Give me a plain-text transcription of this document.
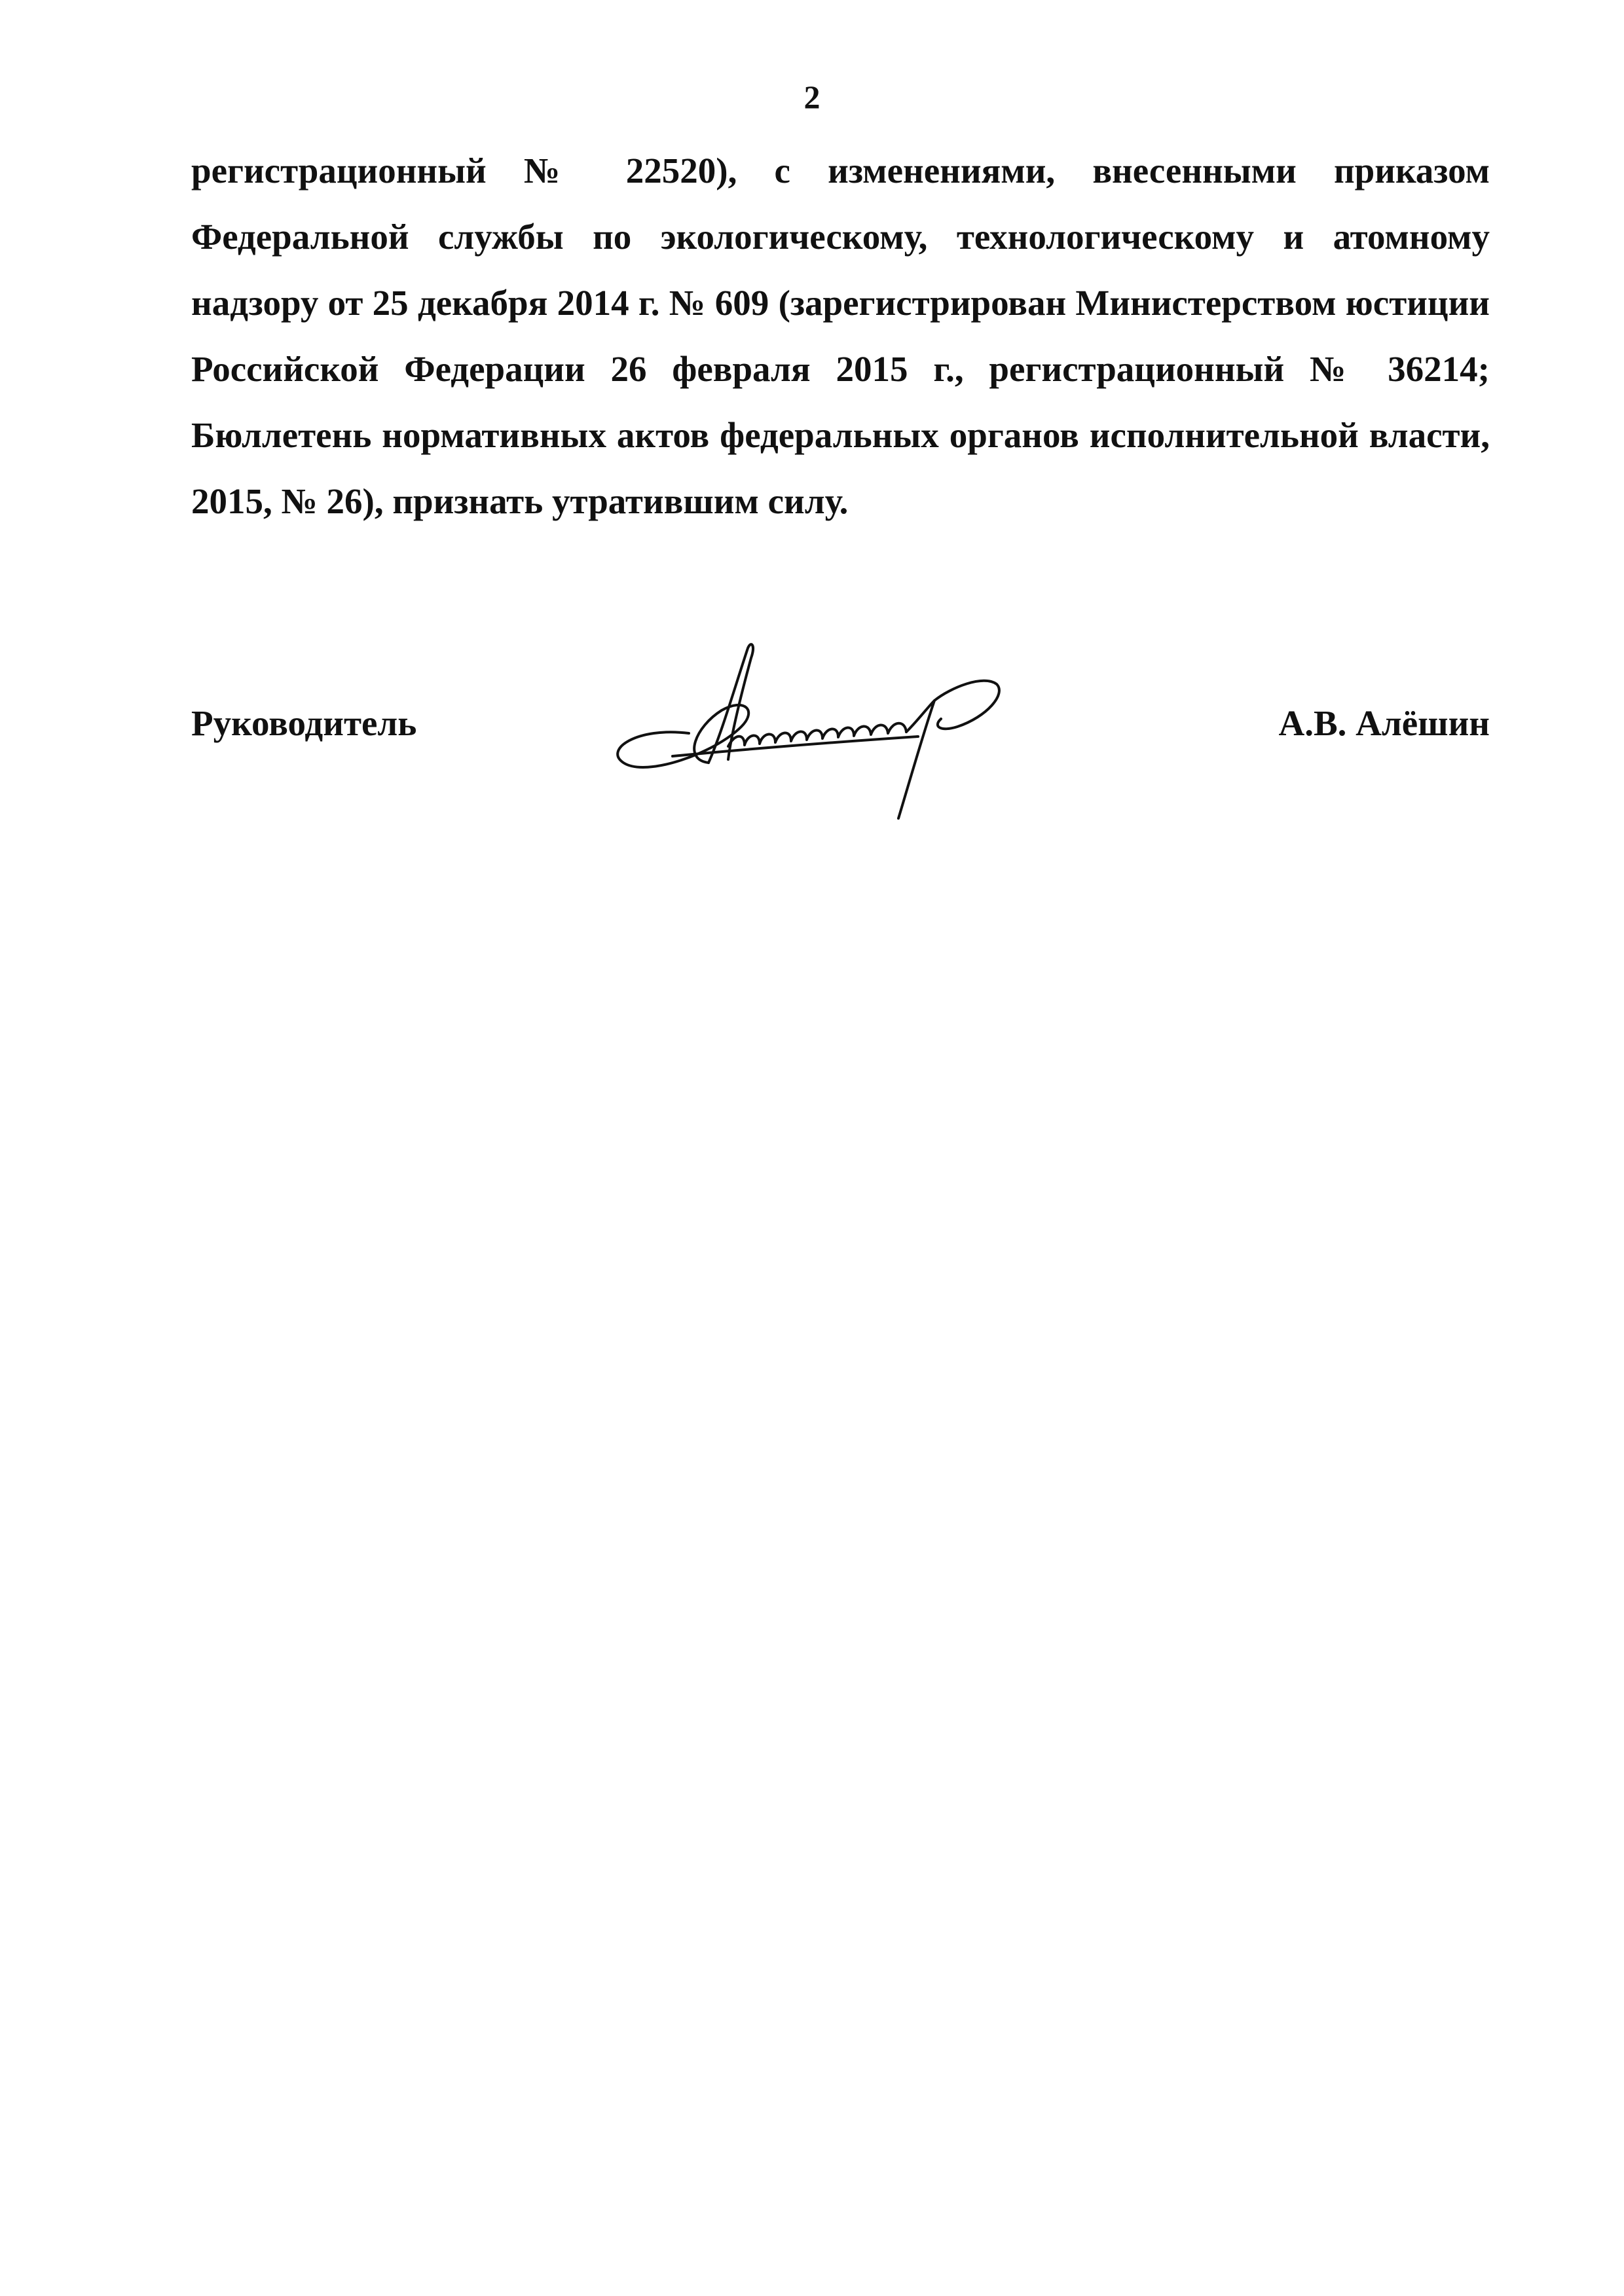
2

регистрационный № 22520), с изменениями, внесенными приказом Федеральной службы по экологическому, технологическому и атомному надзору от 25 декабря 2014 г. № 609 (зарегистрирован Министерством юстиции Российской Федерации 26 февраля 2015 г., регистрационный № 36214; Бюллетень нормативных актов федеральных органов исполнительной власти, 2015, № 26), признать утратившим силу.

Руководитель	А.В. Алёшин
